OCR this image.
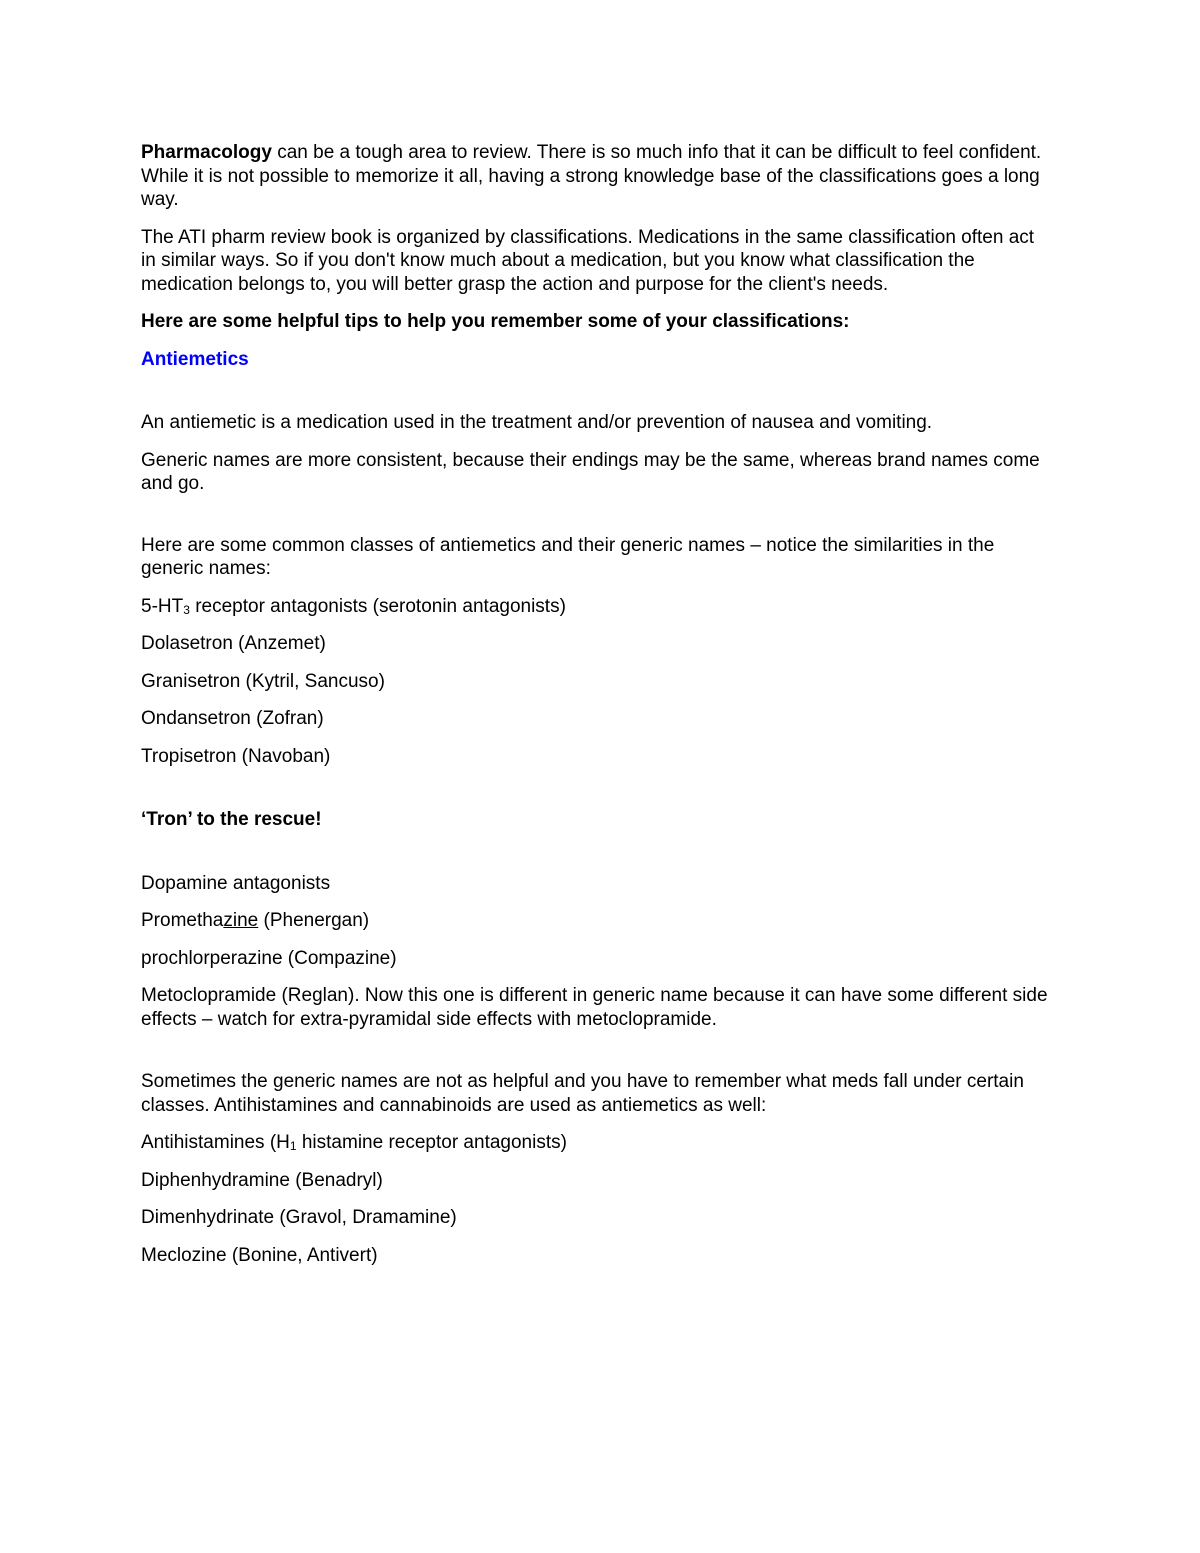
Pharmacology can be a tough area to review. There is so much info that it can be difficult to feel confident. While it is not possible to memorize it all, having a strong knowledge base of the classifications goes a long way.

The ATI pharm review book is organized by classifications. Medications in the same classification often act in similar ways. So if you don't know much about a medication, but you know what classification the medication belongs to, you will better grasp the action and purpose for the client's needs.

Here are some helpful tips to help you remember some of your classifications:

Antiemetics

An antiemetic is a medication used in the treatment and/or prevention of nausea and vomiting.

Generic names are more consistent, because their endings may be the same, whereas brand names come and go.

Here are some common classes of antiemetics and their generic names – notice the similarities in the generic names:

$5-HT_3$ receptor antagonists (serotonin antagonists)

Dolasetron (Anzemet)

Granisetron (Kytril, Sancuso)

Ondansetron (Zofran)

Tropisetron (Navoban)

‘Tron’ to the rescue!

Dopamine antagonists

Promethazine (Phenergan)

prochlorperazine (Compazine)

Metoclopramide (Reglan). Now this one is different in generic name because it can have some different side effects – watch for extra-pyramidal side effects with metoclopramide.

Sometimes the generic names are not as helpful and you have to remember what meds fall under certain classes. Antihistamines and cannabinoids are used as antiemetics as well:

Antihistamines ($H_1$ histamine receptor antagonists)

Diphenhydramine (Benadryl)

Dimenhydrinate (Gravol, Dramamine)

Meclozine (Bonine, Antivert)
